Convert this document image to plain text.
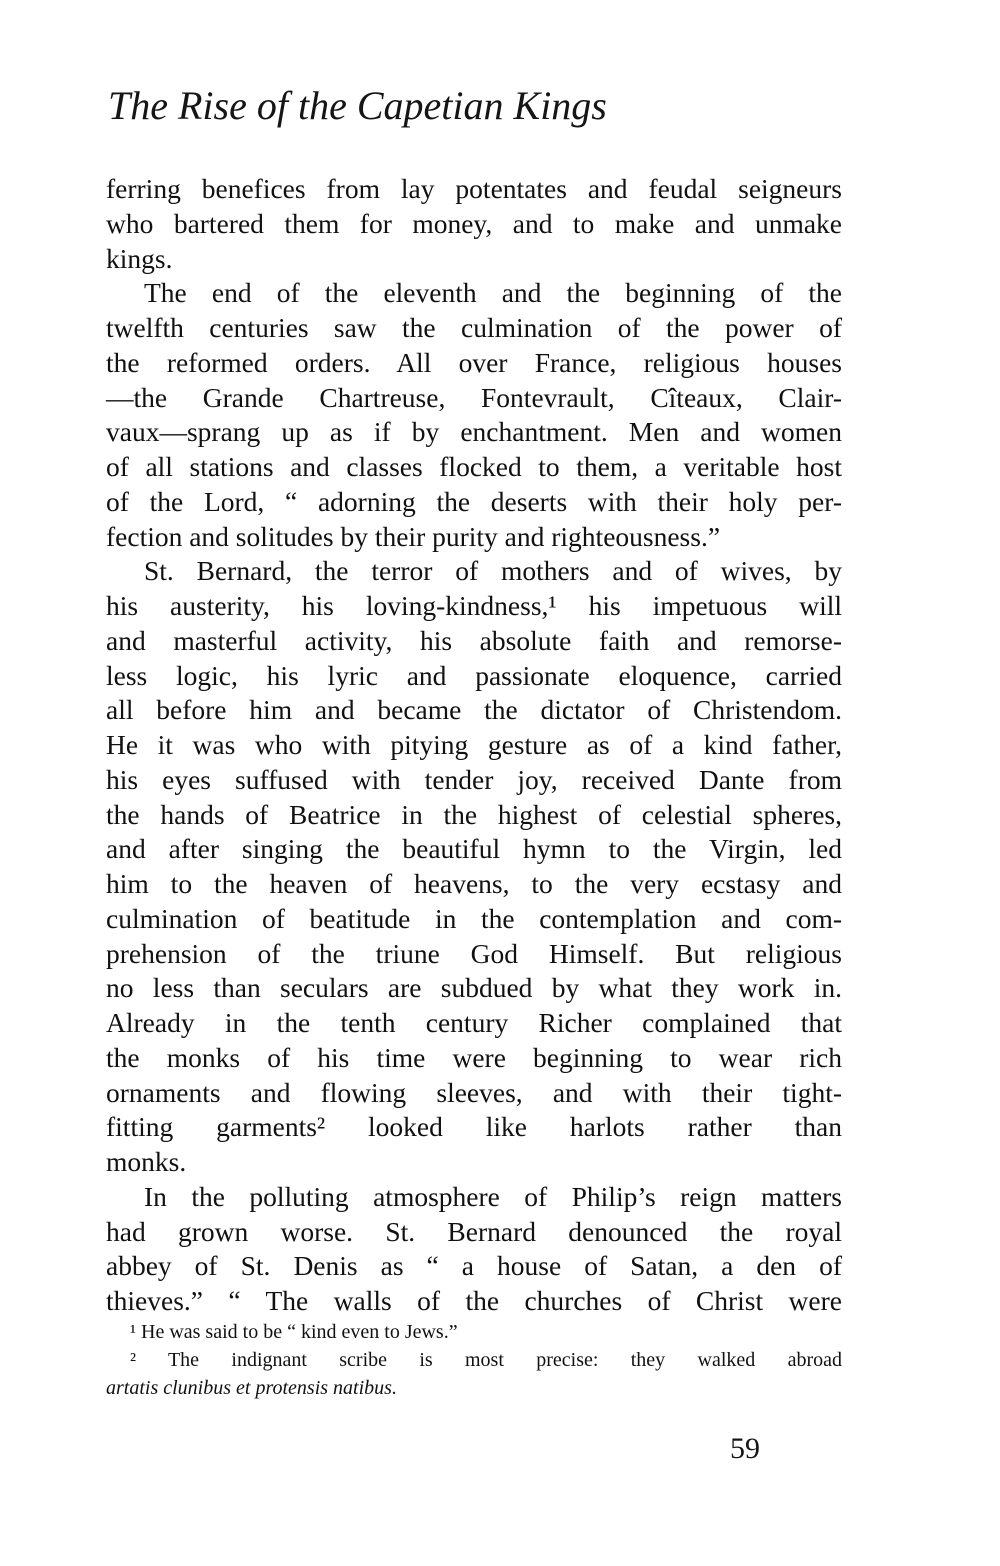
The Rise of the Capetian Kings
ferring benefices from lay potentates and feudal seigneurs
who bartered them for money, and to make and unmake
kings.
The end of the eleventh and the beginning of the
twelfth centuries saw the culmination of the power of
the reformed orders. All over France, religious houses
—the Grande Chartreuse, Fontevrault, Cîteaux, Clair-
vaux—sprang up as if by enchantment. Men and women
of all stations and classes flocked to them, a veritable host
of the Lord, “ adorning the deserts with their holy per-
fection and solitudes by their purity and righteousness.”
St. Bernard, the terror of mothers and of wives, by
his austerity, his loving-kindness,¹ his impetuous will
and masterful activity, his absolute faith and remorse-
less logic, his lyric and passionate eloquence, carried
all before him and became the dictator of Christendom.
He it was who with pitying gesture as of a kind father,
his eyes suffused with tender joy, received Dante from
the hands of Beatrice in the highest of celestial spheres,
and after singing the beautiful hymn to the Virgin, led
him to the heaven of heavens, to the very ecstasy and
culmination of beatitude in the contemplation and com-
prehension of the triune God Himself. But religious
no less than seculars are subdued by what they work in.
Already in the tenth century Richer complained that
the monks of his time were beginning to wear rich
ornaments and flowing sleeves, and with their tight-
fitting garments² looked like harlots rather than
monks.
In the polluting atmosphere of Philip’s reign matters
had grown worse. St. Bernard denounced the royal
abbey of St. Denis as “ a house of Satan, a den of
thieves.” “ The walls of the churches of Christ were
¹ He was said to be “ kind even to Jews.”
² The indignant scribe is most precise: they walked abroad
artatis clunibus et protensis natibus.
59
